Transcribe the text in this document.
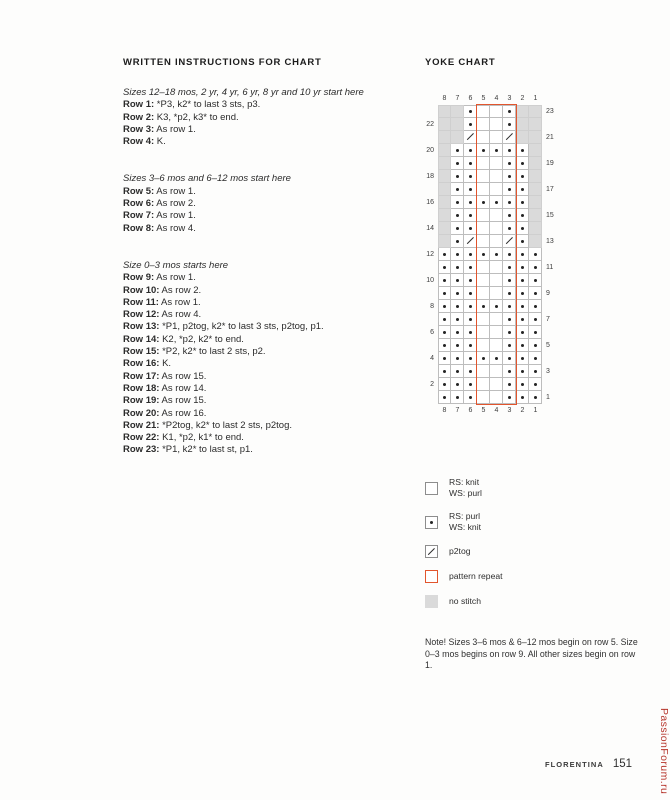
WRITTEN INSTRUCTIONS FOR CHART

Sizes 12–18 mos, 2 yr, 4 yr, 6 yr, 8 yr and 10 yr start here

Row 1: *P3, k2* to last 3 sts, p3.

Row 2: K3, *p2, k3* to end.

Row 3: As row 1.

Row 4: K.

Sizes 3–6 mos and 6–12 mos start here

Row 5: As row 1.

Row 6: As row 2.

Row 7: As row 1.

Row 8: As row 4.

Size 0–3 mos starts here

Row 9: As row 1.

Row 10: As row 2.

Row 11: As row 1.

Row 12: As row 4.

Row 13: *P1, p2tog, k2* to last 3 sts, p2tog, p1.

Row 14: K2, *p2, k2* to end.

Row 15: *P2, k2* to last 2 sts, p2.

Row 16: K.

Row 17: As row 15.

Row 18: As row 14.

Row 19: As row 15.

Row 20: As row 16.

Row 21: *P2tog, k2* to last 2 sts, p2tog.

Row 22: K1, *p2, k1* to end.

Row 23: *P1, k2* to last st, p1.

YOKE CHART
8	7	6	5	4	3	2	1
23
22
21
20
19
18
17
16
15
14
13
12
11
10
9
8
7
6
5
4
3
2
1
8	7	6	5	4	3	2	1
RS: knit
WS: purl
RS: purl
WS: knit
p2tog
pattern repeat
no stitch

Note! Sizes 3–6 mos & 6–12 mos begin on row 5. Size 0–3 mos begins on row 9. All other sizes begin on row 1.

FLORENTINA 151 PassionForum.ru
